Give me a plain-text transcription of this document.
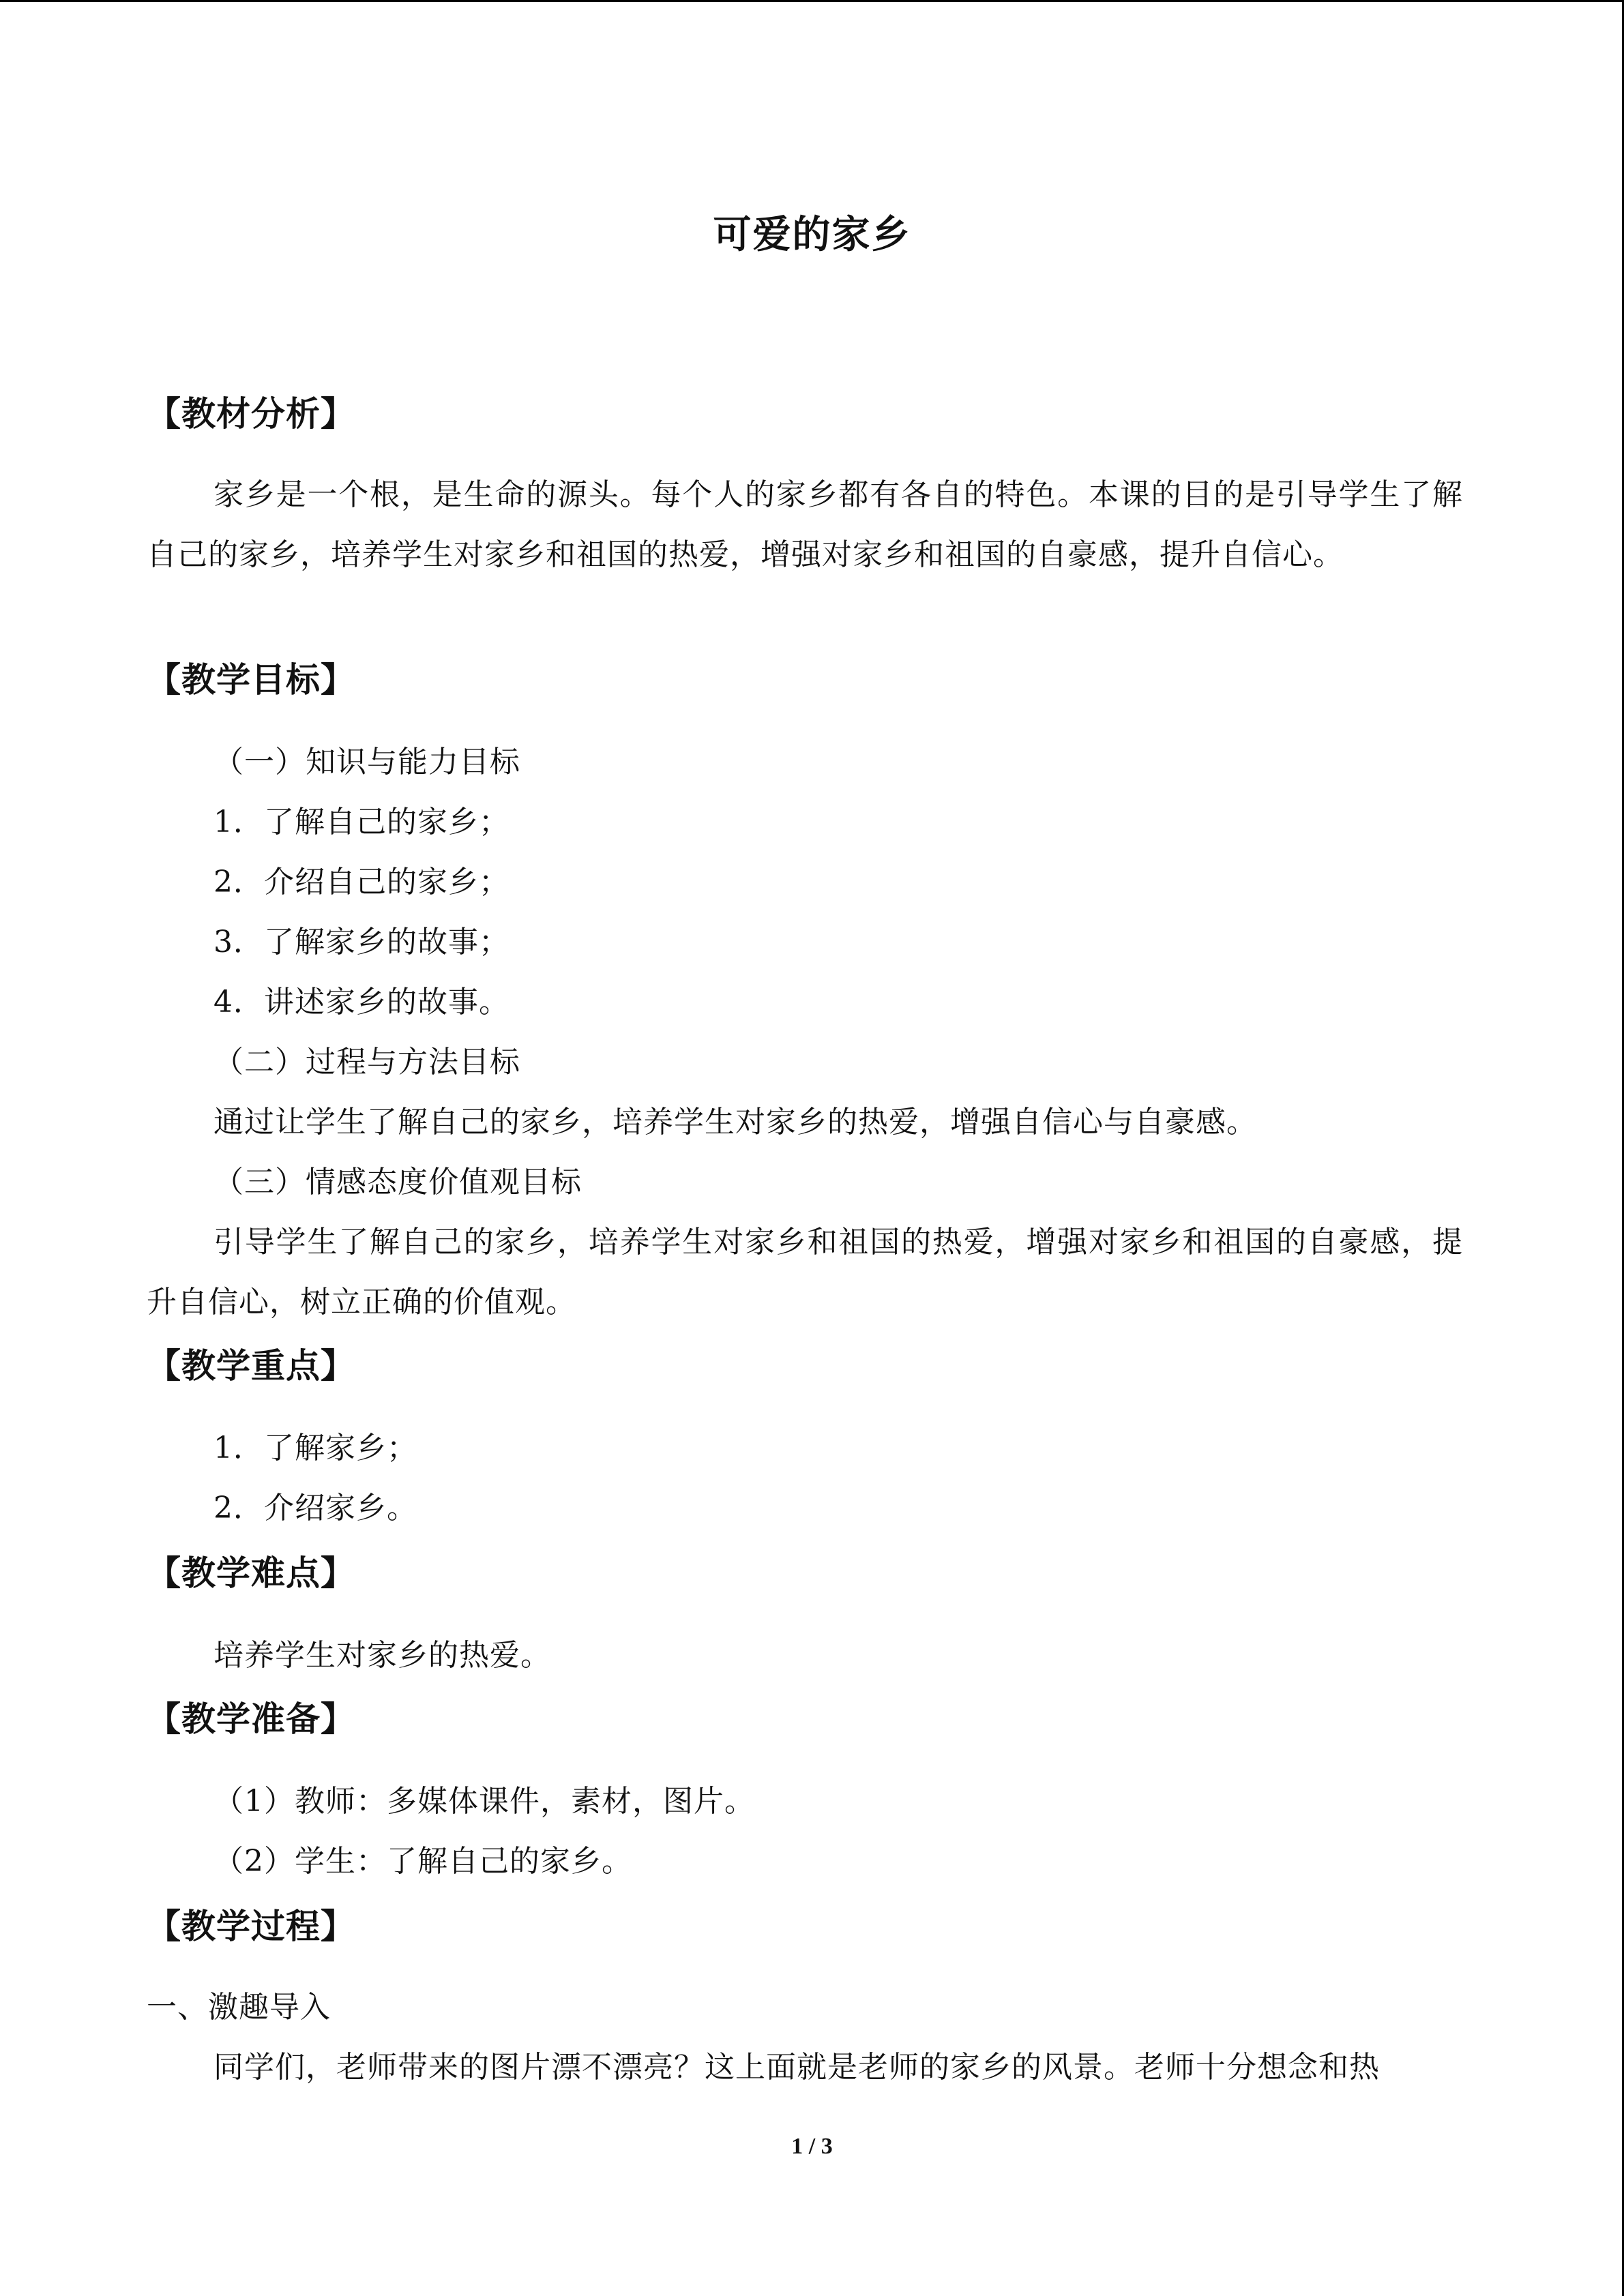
可爱的家乡
【教材分析】
家乡是一个根，是生命的源头。每个人的家乡都有各自的特色。本课的目的是引导学生了解自己的家乡，培养学生对家乡和祖国的热爱，增强对家乡和祖国的自豪感，提升自信心。
【教学目标】
（一）知识与能力目标
1．了解自己的家乡；
2．介绍自己的家乡；
3．了解家乡的故事；
4．讲述家乡的故事。
（二）过程与方法目标
通过让学生了解自己的家乡，培养学生对家乡的热爱，增强自信心与自豪感。
（三）情感态度价值观目标
引导学生了解自己的家乡，培养学生对家乡和祖国的热爱，增强对家乡和祖国的自豪感，提升自信心，树立正确的价值观。
【教学重点】
1．了解家乡；
2．介绍家乡。
【教学难点】
培养学生对家乡的热爱。
【教学准备】
（1）教师：多媒体课件，素材，图片。
（2）学生：了解自己的家乡。
【教学过程】
一、激趣导入
同学们，老师带来的图片漂不漂亮？这上面就是老师的家乡的风景。老师十分想念和热
1 / 3
